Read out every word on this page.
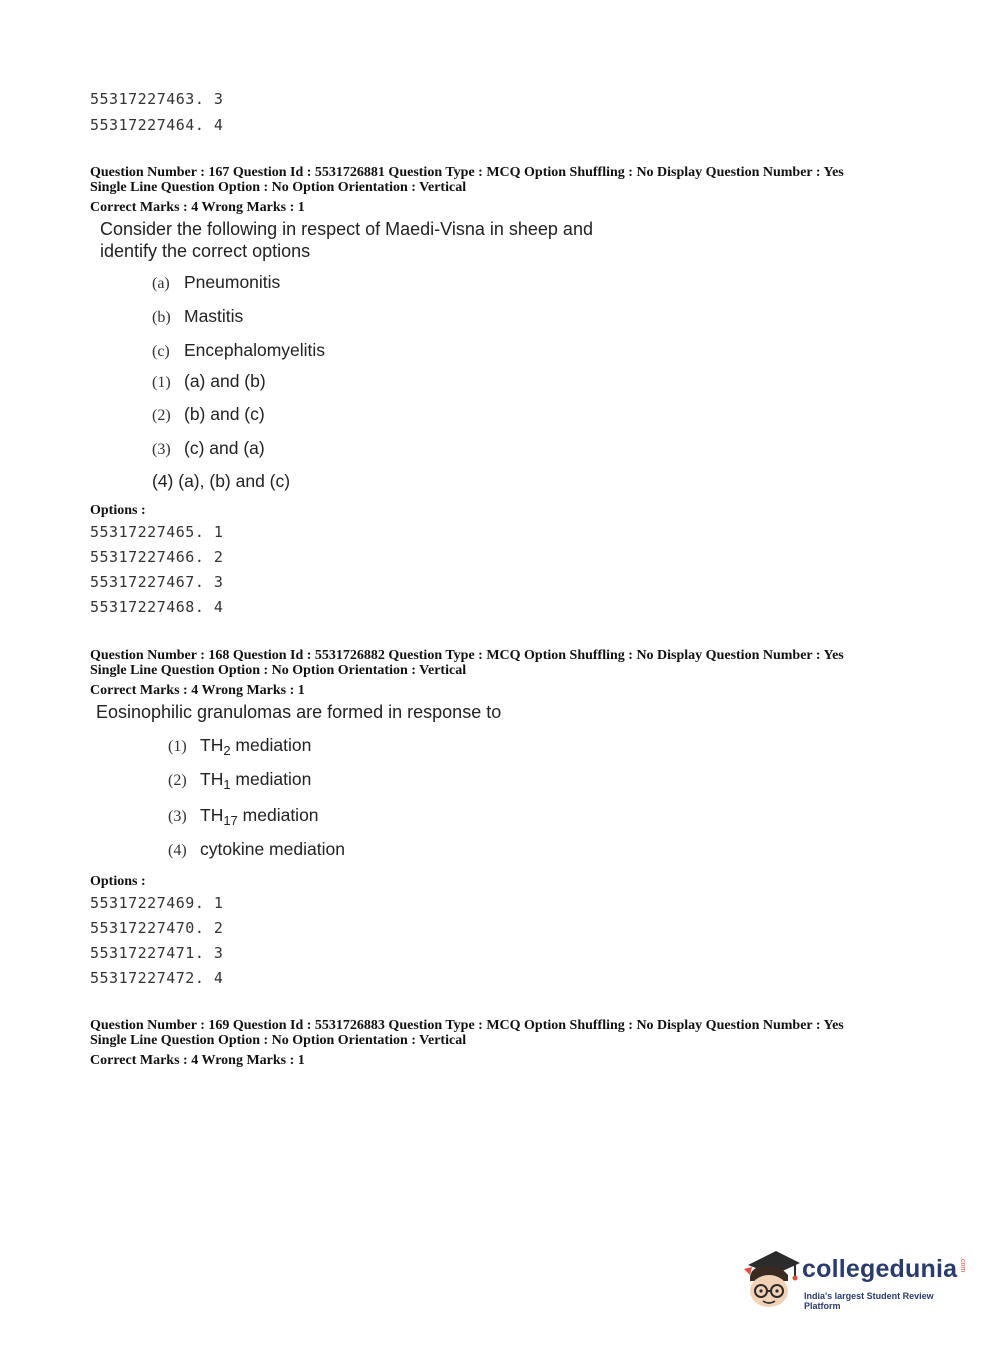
55317227463. 3
55317227464. 4
Question Number : 167 Question Id : 5531726881 Question Type : MCQ Option Shuffling : No Display Question Number : Yes
Single Line Question Option : No Option Orientation : Vertical
Correct Marks : 4 Wrong Marks : 1
Consider the following in respect of Maedi-Visna in sheep and
identify the correct options
(a) Pneumonitis
(b) Mastitis
(c) Encephalomyelitis
(1) (a) and (b)
(2) (b) and (c)
(3) (c) and (a)
(4) (a), (b) and (c)
Options :
55317227465. 1
55317227466. 2
55317227467. 3
55317227468. 4
Question Number : 168 Question Id : 5531726882 Question Type : MCQ Option Shuffling : No Display Question Number : Yes
Single Line Question Option : No Option Orientation : Vertical
Correct Marks : 4 Wrong Marks : 1
Eosinophilic granulomas are formed in response to
(1) $TH_2$ mediation
(2) $TH_1$ mediation
(3) $TH_{17}$ mediation
(4) cytokine mediation
Options :
55317227469. 1
55317227470. 2
55317227471. 3
55317227472. 4
Question Number : 169 Question Id : 5531726883 Question Type : MCQ Option Shuffling : No Display Question Number : Yes
Single Line Question Option : No Option Orientation : Vertical
Correct Marks : 4 Wrong Marks : 1
collegedunia .com
India's largest Student Review Platform
